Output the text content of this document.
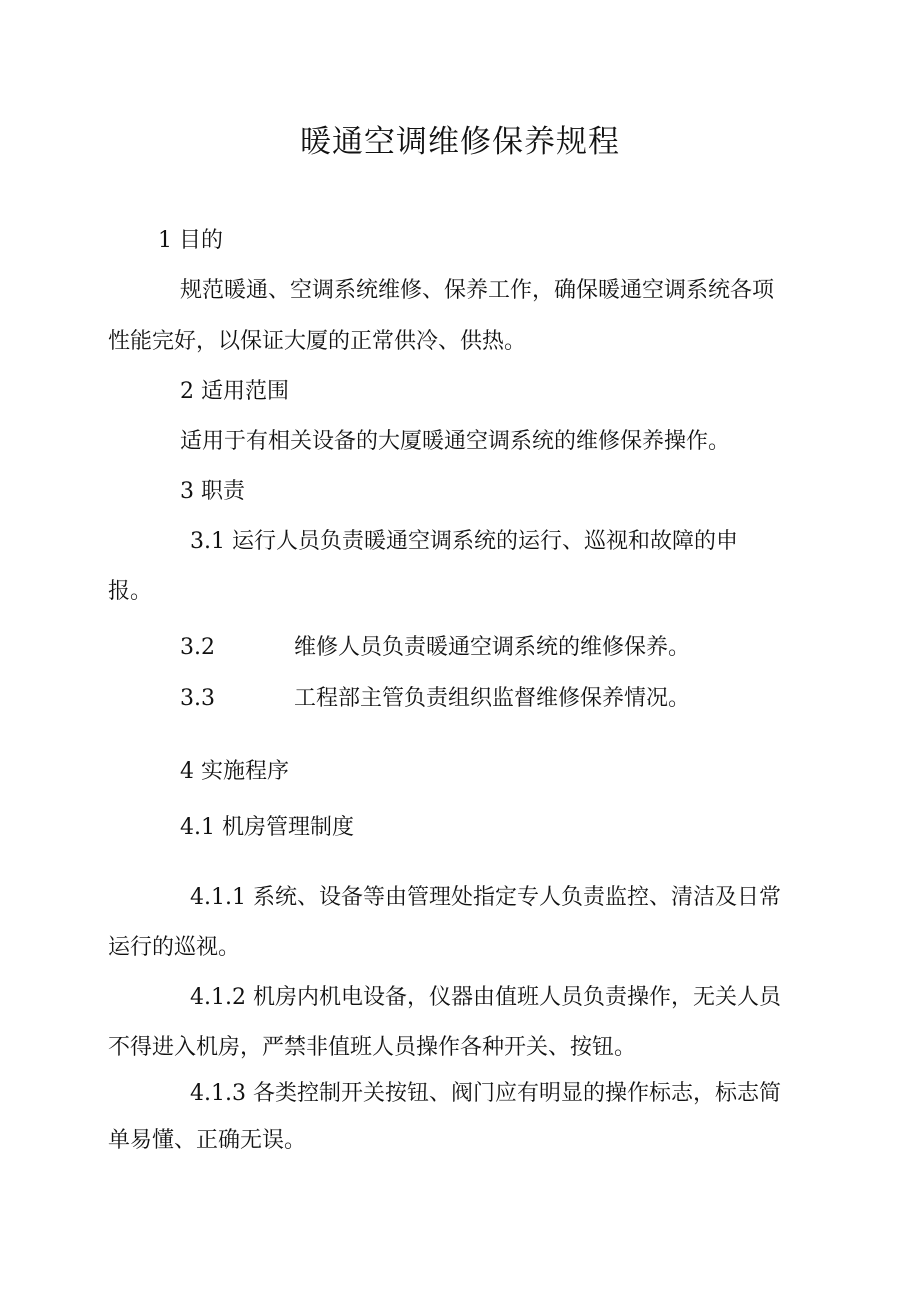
暖通空调维修保养规程
1 目的
规范暖通、空调系统维修、保养工作，确保暖通空调系统各项
性能完好，以保证大厦的正常供冷、供热。
2 适用范围
适用于有相关设备的大厦暖通空调系统的维修保养操作。
3 职责
3.1 运行人员负责暖通空调系统的运行、巡视和故障的申
报。
3.2	维修人员负责暖通空调系统的维修保养。
3.3	工程部主管负责组织监督维修保养情况。
4 实施程序
4.1 机房管理制度
4.1.1 系统、设备等由管理处指定专人负责监控、清洁及日常
运行的巡视。
4.1.2 机房内机电设备，仪器由值班人员负责操作，无关人员
不得进入机房，严禁非值班人员操作各种开关、按钮。
4.1.3 各类控制开关按钮、阀门应有明显的操作标志，标志简
单易懂、正确无误。
